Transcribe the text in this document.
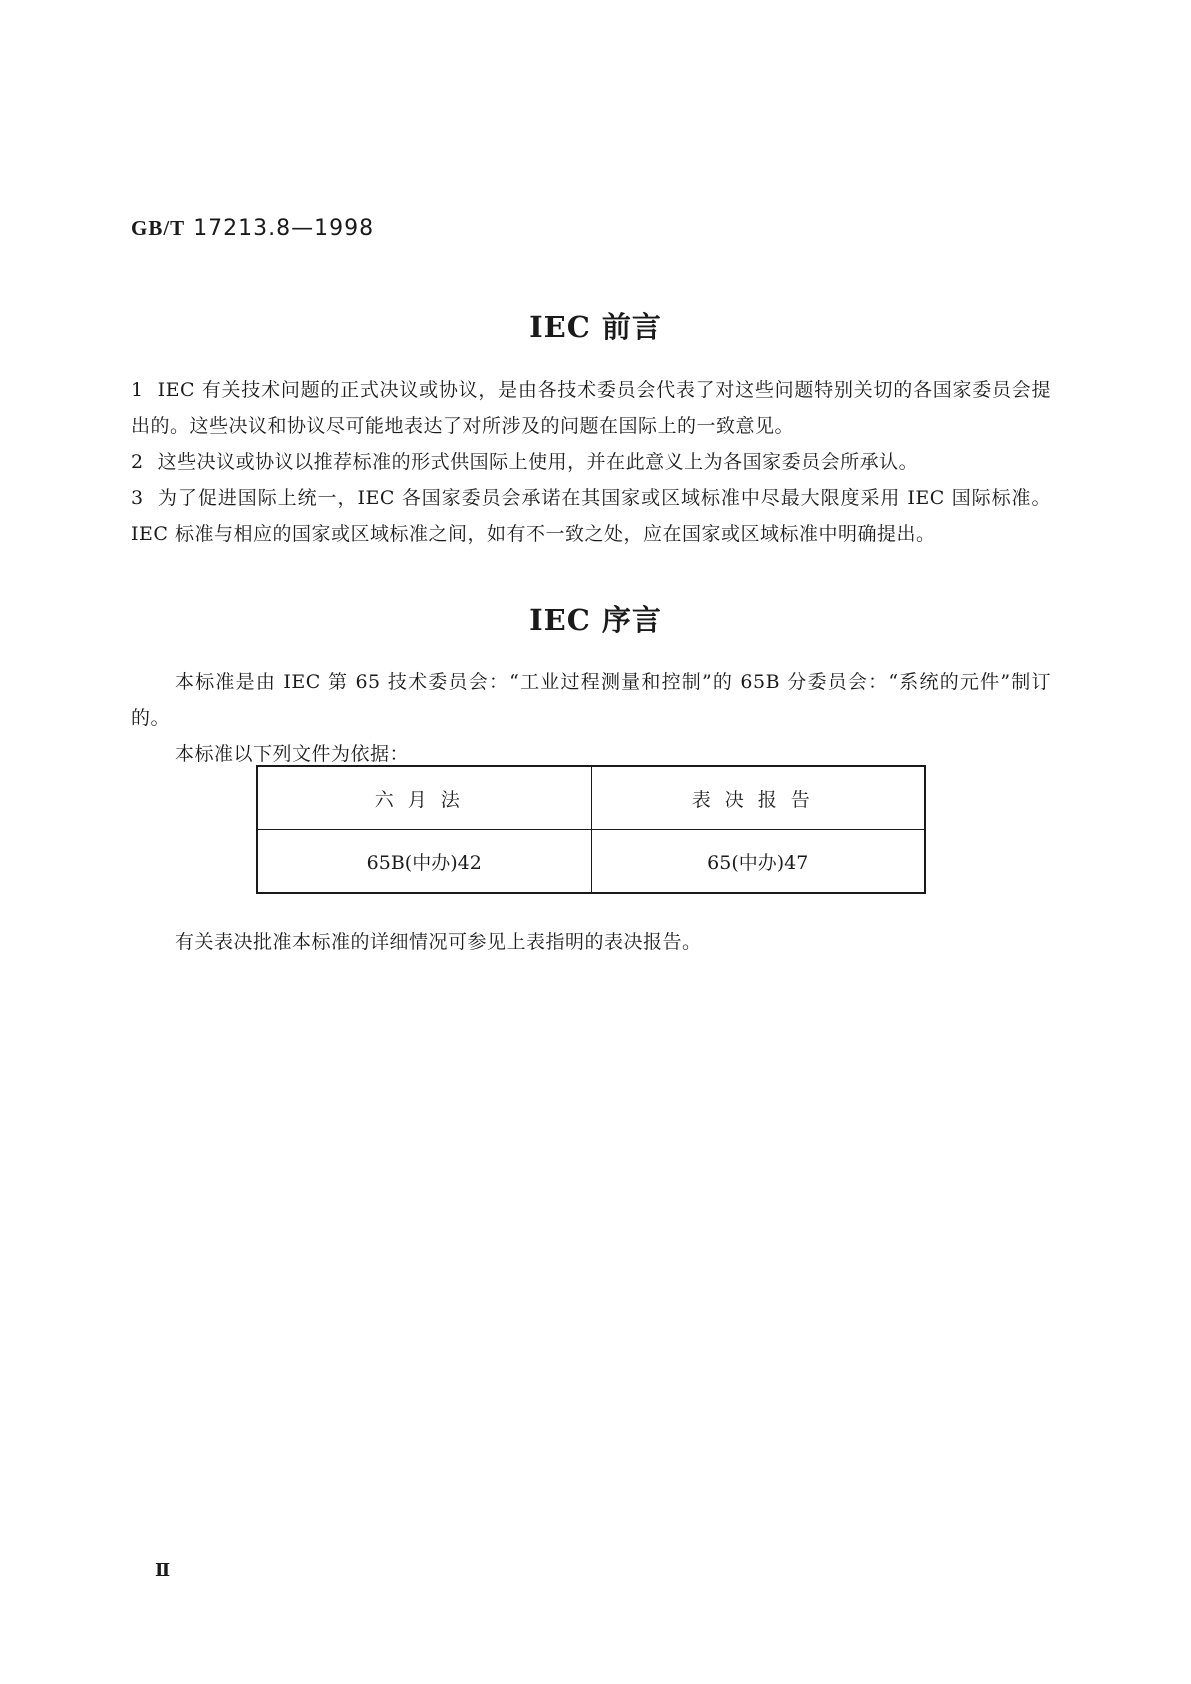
GB/T 17213.8—1998
IEC 前言
1 IEC 有关技术问题的正式决议或协议，是由各技术委员会代表了对这些问题特别关切的各国家委员会提出的。这些决议和协议尽可能地表达了对所涉及的问题在国际上的一致意见。
2 这些决议或协议以推荐标准的形式供国际上使用，并在此意义上为各国家委员会所承认。
3 为了促进国际上统一，IEC 各国家委员会承诺在其国家或区域标准中尽最大限度采用 IEC 国际标准。IEC 标准与相应的国家或区域标准之间，如有不一致之处，应在国家或区域标准中明确提出。
IEC 序言
本标准是由 IEC 第 65 技术委员会：“工业过程测量和控制”的 65B 分委员会：“系统的元件”制订的。
本标准以下列文件为依据：
六月法	表决报告
65B(中办)42	65(中办)47
有关表决批准本标准的详细情况可参见上表指明的表决报告。
Ⅱ
